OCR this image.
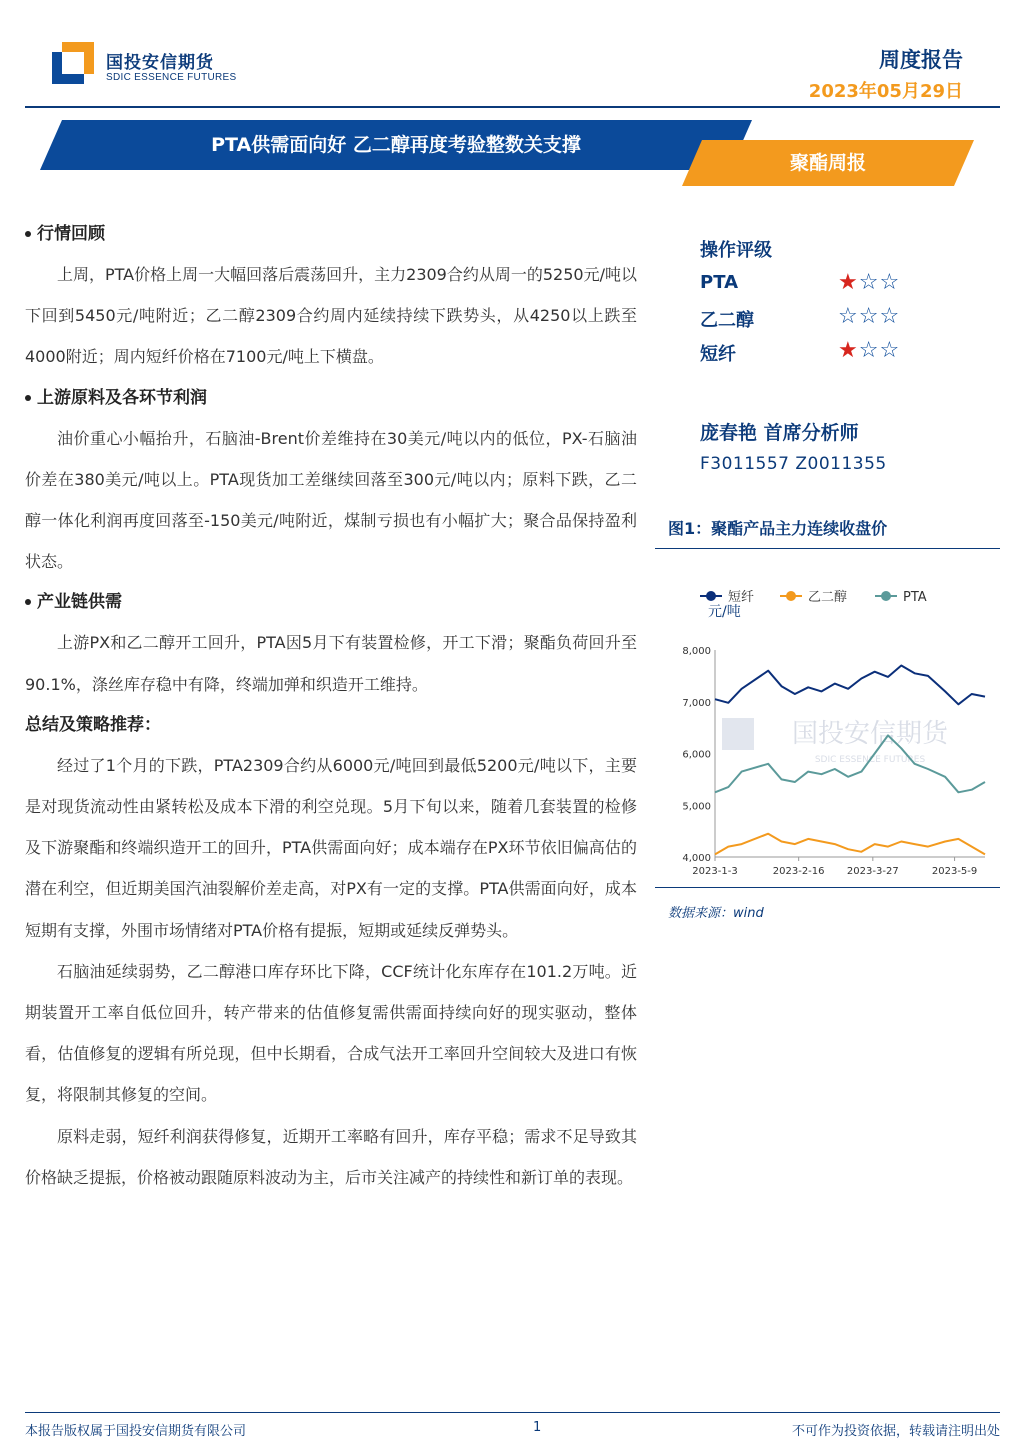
国投安信期货
SDIC ESSENCE FUTURES
周度报告
2023年05月29日
PTA供需面向好 乙二醇再度考验整数关支撑
聚酯周报
行情回顾

上周，PTA价格上周一大幅回落后震荡回升，主力2309合约从周一的5250元/吨以下回到5450元/吨附近；乙二醇2309合约周内延续持续下跌势头，从4250以上跌至4000附近；周内短纤价格在7100元/吨上下横盘。

上游原料及各环节利润

油价重心小幅抬升，石脑油-Brent价差维持在30美元/吨以内的低位，PX-石脑油价差在380美元/吨以上。PTA现货加工差继续回落至300元/吨以内；原料下跌，乙二醇一体化利润再度回落至-150美元/吨附近，煤制亏损也有小幅扩大；聚合品保持盈利状态。

产业链供需

上游PX和乙二醇开工回升，PTA因5月下有装置检修，开工下滑；聚酯负荷回升至90.1%，涤丝库存稳中有降，终端加弹和织造开工维持。

总结及策略推荐：

经过了1个月的下跌，PTA2309合约从6000元/吨回到最低5200元/吨以下，主要是对现货流动性由紧转松及成本下滑的利空兑现。5月下旬以来，随着几套装置的检修及下游聚酯和终端织造开工的回升，PTA供需面向好；成本端存在PX环节依旧偏高估的潜在利空，但近期美国汽油裂解价差走高，对PX有一定的支撑。PTA供需面向好，成本短期有支撑，外围市场情绪对PTA价格有提振，短期或延续反弹势头。

石脑油延续弱势，乙二醇港口库存环比下降，CCF统计化东库存在101.2万吨。近期装置开工率自低位回升，转产带来的估值修复需供需面持续向好的现实驱动，整体看，估值修复的逻辑有所兑现，但中长期看，合成气法开工率回升空间较大及进口有恢复，将限制其修复的空间。

原料走弱，短纤利润获得修复，近期开工率略有回升，库存平稳；需求不足导致其价格缺乏提振，价格被动跟随原料波动为主，后市关注减产的持续性和新订单的表现。

操作评级
PTA	★☆☆
乙二醇	☆☆☆
短纤	★☆☆
庞春艳 首席分析师
F3011557 Z0011355
图1：聚酯产品主力连续收盘价
国投安信期货
SDIC ESSENCE FUTURES
元/吨
4,000
5,000
6,000
7,000
8,000
2023-1-3	2023-2-16 2023-3-27	2023-5-9
短纤	乙二醇	PTA
数据来源：wind
本报告版权属于国投安信期货有限公司	1	不可作为投资依据，转载请注明出处
